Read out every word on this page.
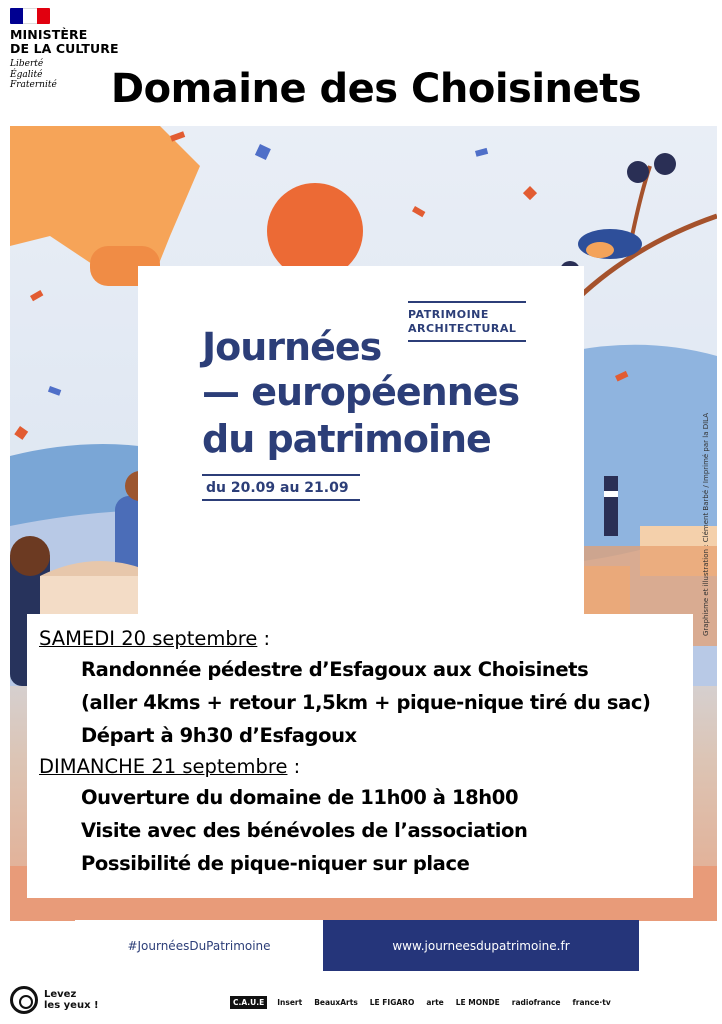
MINISTÈRE
DE LA CULTURE
Liberté
Égalité
Fraternité	Domaine des Choisinets
PATRIMOINE
ARCHITECTURAL
Journées
— européennes
du patrimoine
du 20.09 au 21.09	Graphisme et illustration : Clément Barbé / Imprimé par la DILA
SAMEDI 20 septembre :
Randonnée pédestre d’Esfagoux aux Choisinets
(aller 4kms + retour 1,5km + pique-nique tiré du sac)
Départ à 9h30 d’Esfagoux
DIMANCHE 21 septembre :
Ouverture du domaine de 11h00 à 18h00
Visite avec des bénévoles de l’association
Possibilité de pique-niquer sur place
#JournéesDuPatrimoine	www.journeesdupatrimoine.fr
Levez
les yeux !	C.A.U.E	Insert BeauxArts LE FIGARO arte LE MONDE radiofrance france·tv
